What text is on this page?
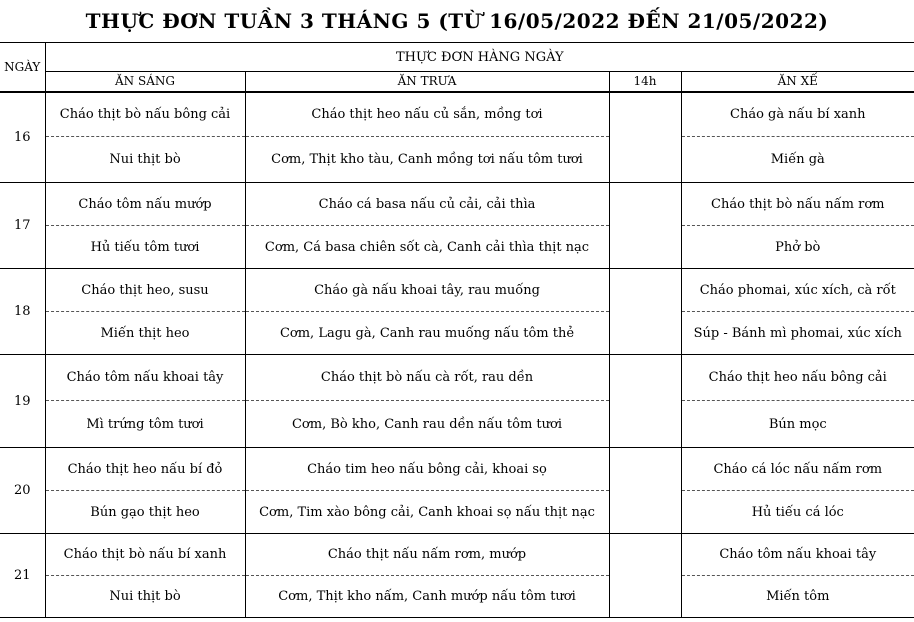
THỰC ĐƠN TUẦN 3 THÁNG 5 (TỪ 16/05/2022 ĐẾN 21/05/2022)
NGÀY	THỰC ĐƠN HÀNG NGÀY			
	ĂN SÁNG	ĂN TRƯA	14h	ĂN XẾ
16	Cháo thịt bò nấu bông cải	Cháo thịt heo nấu củ sắn, mồng tơi		Cháo gà nấu bí xanh
	Nui thịt bò	Cơm, Thịt kho tàu, Canh mồng tơi nấu tôm tươi		Miến gà
17	Cháo tôm nấu mướp	Cháo cá basa nấu củ cải, cải thìa		Cháo thịt bò nấu nấm rơm
	Hủ tiếu tôm tươi	Cơm, Cá basa chiên sốt cà, Canh cải thìa thịt nạc		Phở bò
18	Cháo thịt heo, susu	Cháo gà nấu khoai tây, rau muống		Cháo phomai, xúc xích, cà rốt
	Miến thịt heo	Cơm, Lagu gà, Canh rau muống nấu tôm thẻ		Súp - Bánh mì phomai, xúc xích
19	Cháo tôm nấu khoai tây	Cháo thịt bò nấu cà rốt, rau dền		Cháo thịt heo nấu bông cải
	Mì trứng tôm tươi	Cơm, Bò kho, Canh rau dền nấu tôm tươi		Bún mọc
20	Cháo thịt heo nấu bí đỏ	Cháo tim heo nấu bông cải, khoai sọ		Cháo cá lóc nấu nấm rơm
	Bún gạo thịt heo	Cơm, Tim xào bông cải, Canh khoai sọ nấu thịt nạc		Hủ tiếu cá lóc
21	Cháo thịt bò nấu bí xanh	Cháo thịt nấu nấm rơm, mướp		Cháo tôm nấu khoai tây
	Nui thịt bò	Cơm, Thịt kho nấm, Canh mướp nấu tôm tươi		Miến tôm
